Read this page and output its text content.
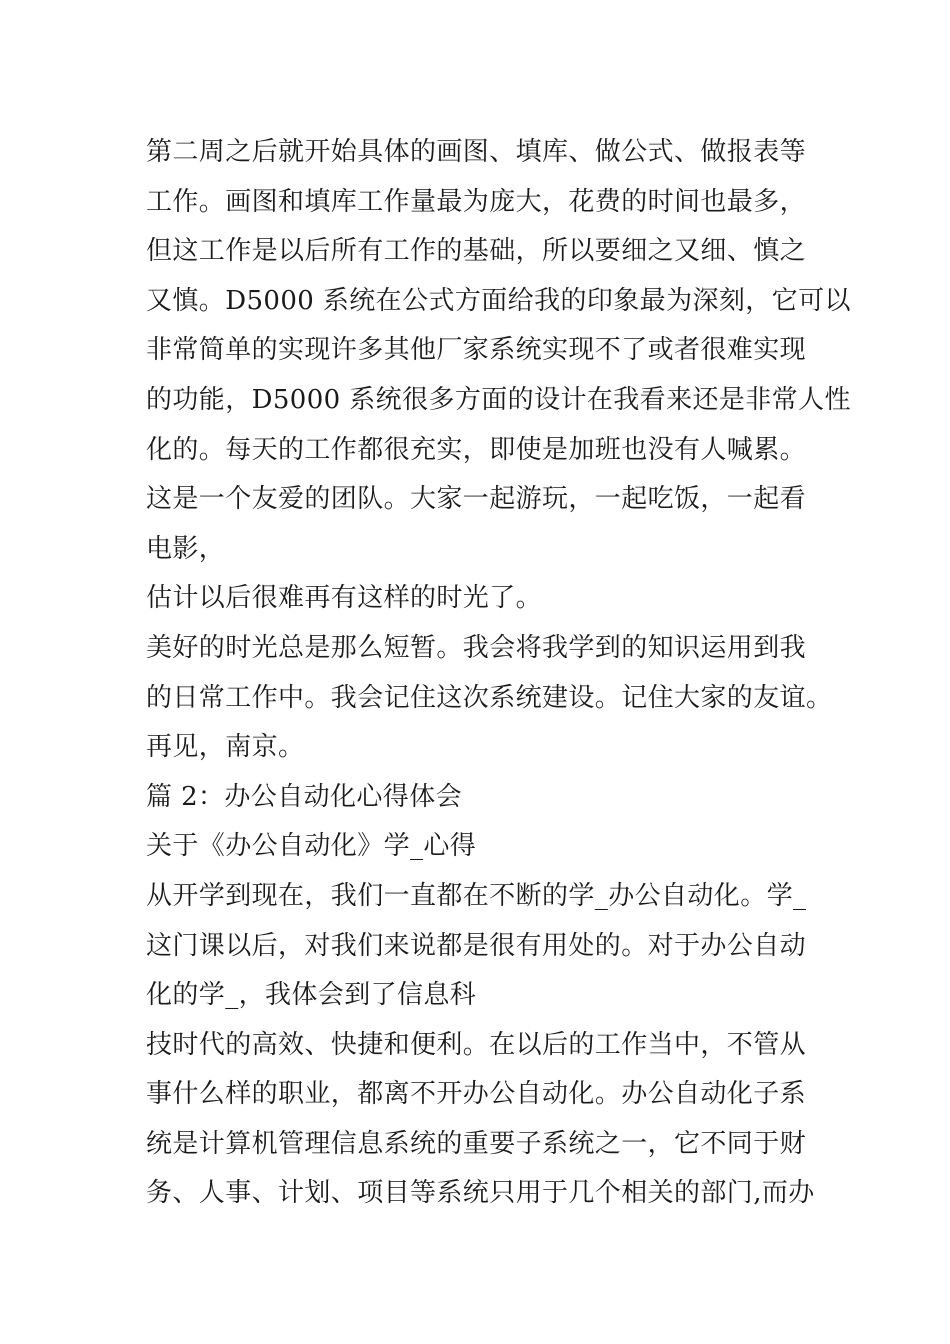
第二周之后就开始具体的画图、填库、做公式、做报表等
工作。画图和填库工作量最为庞大，花费的时间也最多，
但这工作是以后所有工作的基础，所以要细之又细、慎之
又慎。D5000 系统在公式方面给我的印象最为深刻，它可以
非常简单的实现许多其他厂家系统实现不了或者很难实现
的功能，D5000 系统很多方面的设计在我看来还是非常人性
化的。每天的工作都很充实，即使是加班也没有人喊累。
这是一个友爱的团队。大家一起游玩，一起吃饭，一起看
电影，
估计以后很难再有这样的时光了。
美好的时光总是那么短暂。我会将我学到的知识运用到我
的日常工作中。我会记住这次系统建设。记住大家的友谊。
再见，南京。
篇 2：办公自动化心得体会
关于《办公自动化》学_心得
从开学到现在，我们一直都在不断的学_办公自动化。学_
这门课以后，对我们来说都是很有用处的。对于办公自动
化的学_，我体会到了信息科
技时代的高效、快捷和便利。在以后的工作当中，不管从
事什么样的职业，都离不开办公自动化。办公自动化子系
统是计算机管理信息系统的重要子系统之一，它不同于财
务、人事、计划、项目等系统只用于几个相关的部门,而办
